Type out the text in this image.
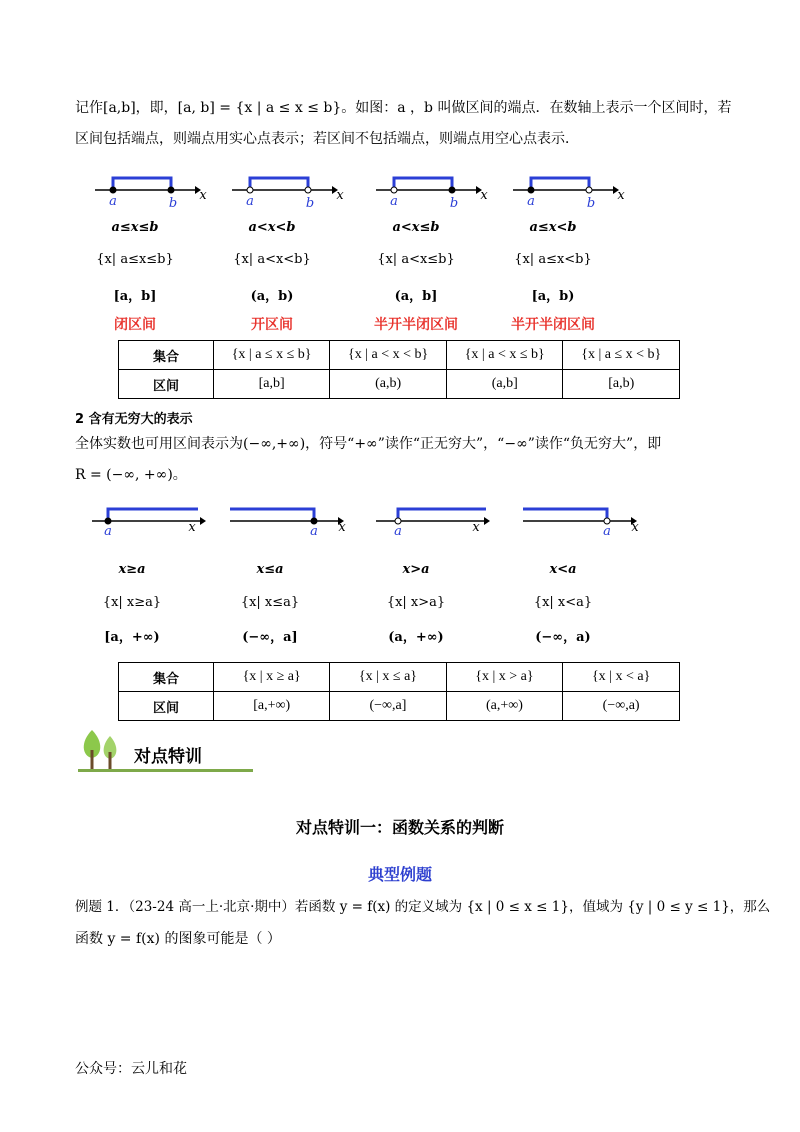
记作[a,b]，即，[a, b] = {x | a ≤ x ≤ b}。如图：a ，b 叫做区间的端点．在数轴上表示一个区间时，若
区间包括端点，则端点用实心点表示；若区间不包括端点，则端点用空心点表示．
a	b
x
a≤x≤b
{x| a≤x≤b}
[a，b]
闭区间
a	b
x
a<x<b
{x| a<x<b}
(a，b)
开区间
a	b
x
a<x≤b
{x| a<x≤b}
(a，b]
半开半闭区间
a	b
x
a≤x<b
{x| a≤x<b}
[a，b)
半开半闭区间
集合	{x | a ≤ x ≤ b}	{x | a < x < b}	{x | a < x ≤ b}	{x | a ≤ x < b}
区间	[a,b]	(a,b)	(a,b]	[a,b)
2 含有无穷大的表示
全体实数也可用区间表示为(−∞,+∞)，符号“+∞”读作“正无穷大”，“−∞”读作“负无穷大”，即
R = (−∞, +∞)。
a	x
x≥a
{x| x≥a}
[a，+∞)
a	x
x≤a
{x| x≤a}
(−∞，a]
a	x
x>a
{x| x>a}
(a，+∞)
a	x
x<a
{x| x<a}
(−∞，a)
集合	{x | x ≥ a}	{x | x ≤ a}	{x | x > a}	{x | x < a}
区间	[a,+∞)	(−∞,a]	(a,+∞)	(−∞,a)
对点特训
对点特训一：函数关系的判断
典型例题
例题 1．（23-24 高一上·北京·期中）若函数 y = f(x) 的定义域为 {x | 0 ≤ x ≤ 1}，值域为 {y | 0 ≤ y ≤ 1}，那么
函数 y = f(x) 的图象可能是（ ）
公众号：云儿和花
